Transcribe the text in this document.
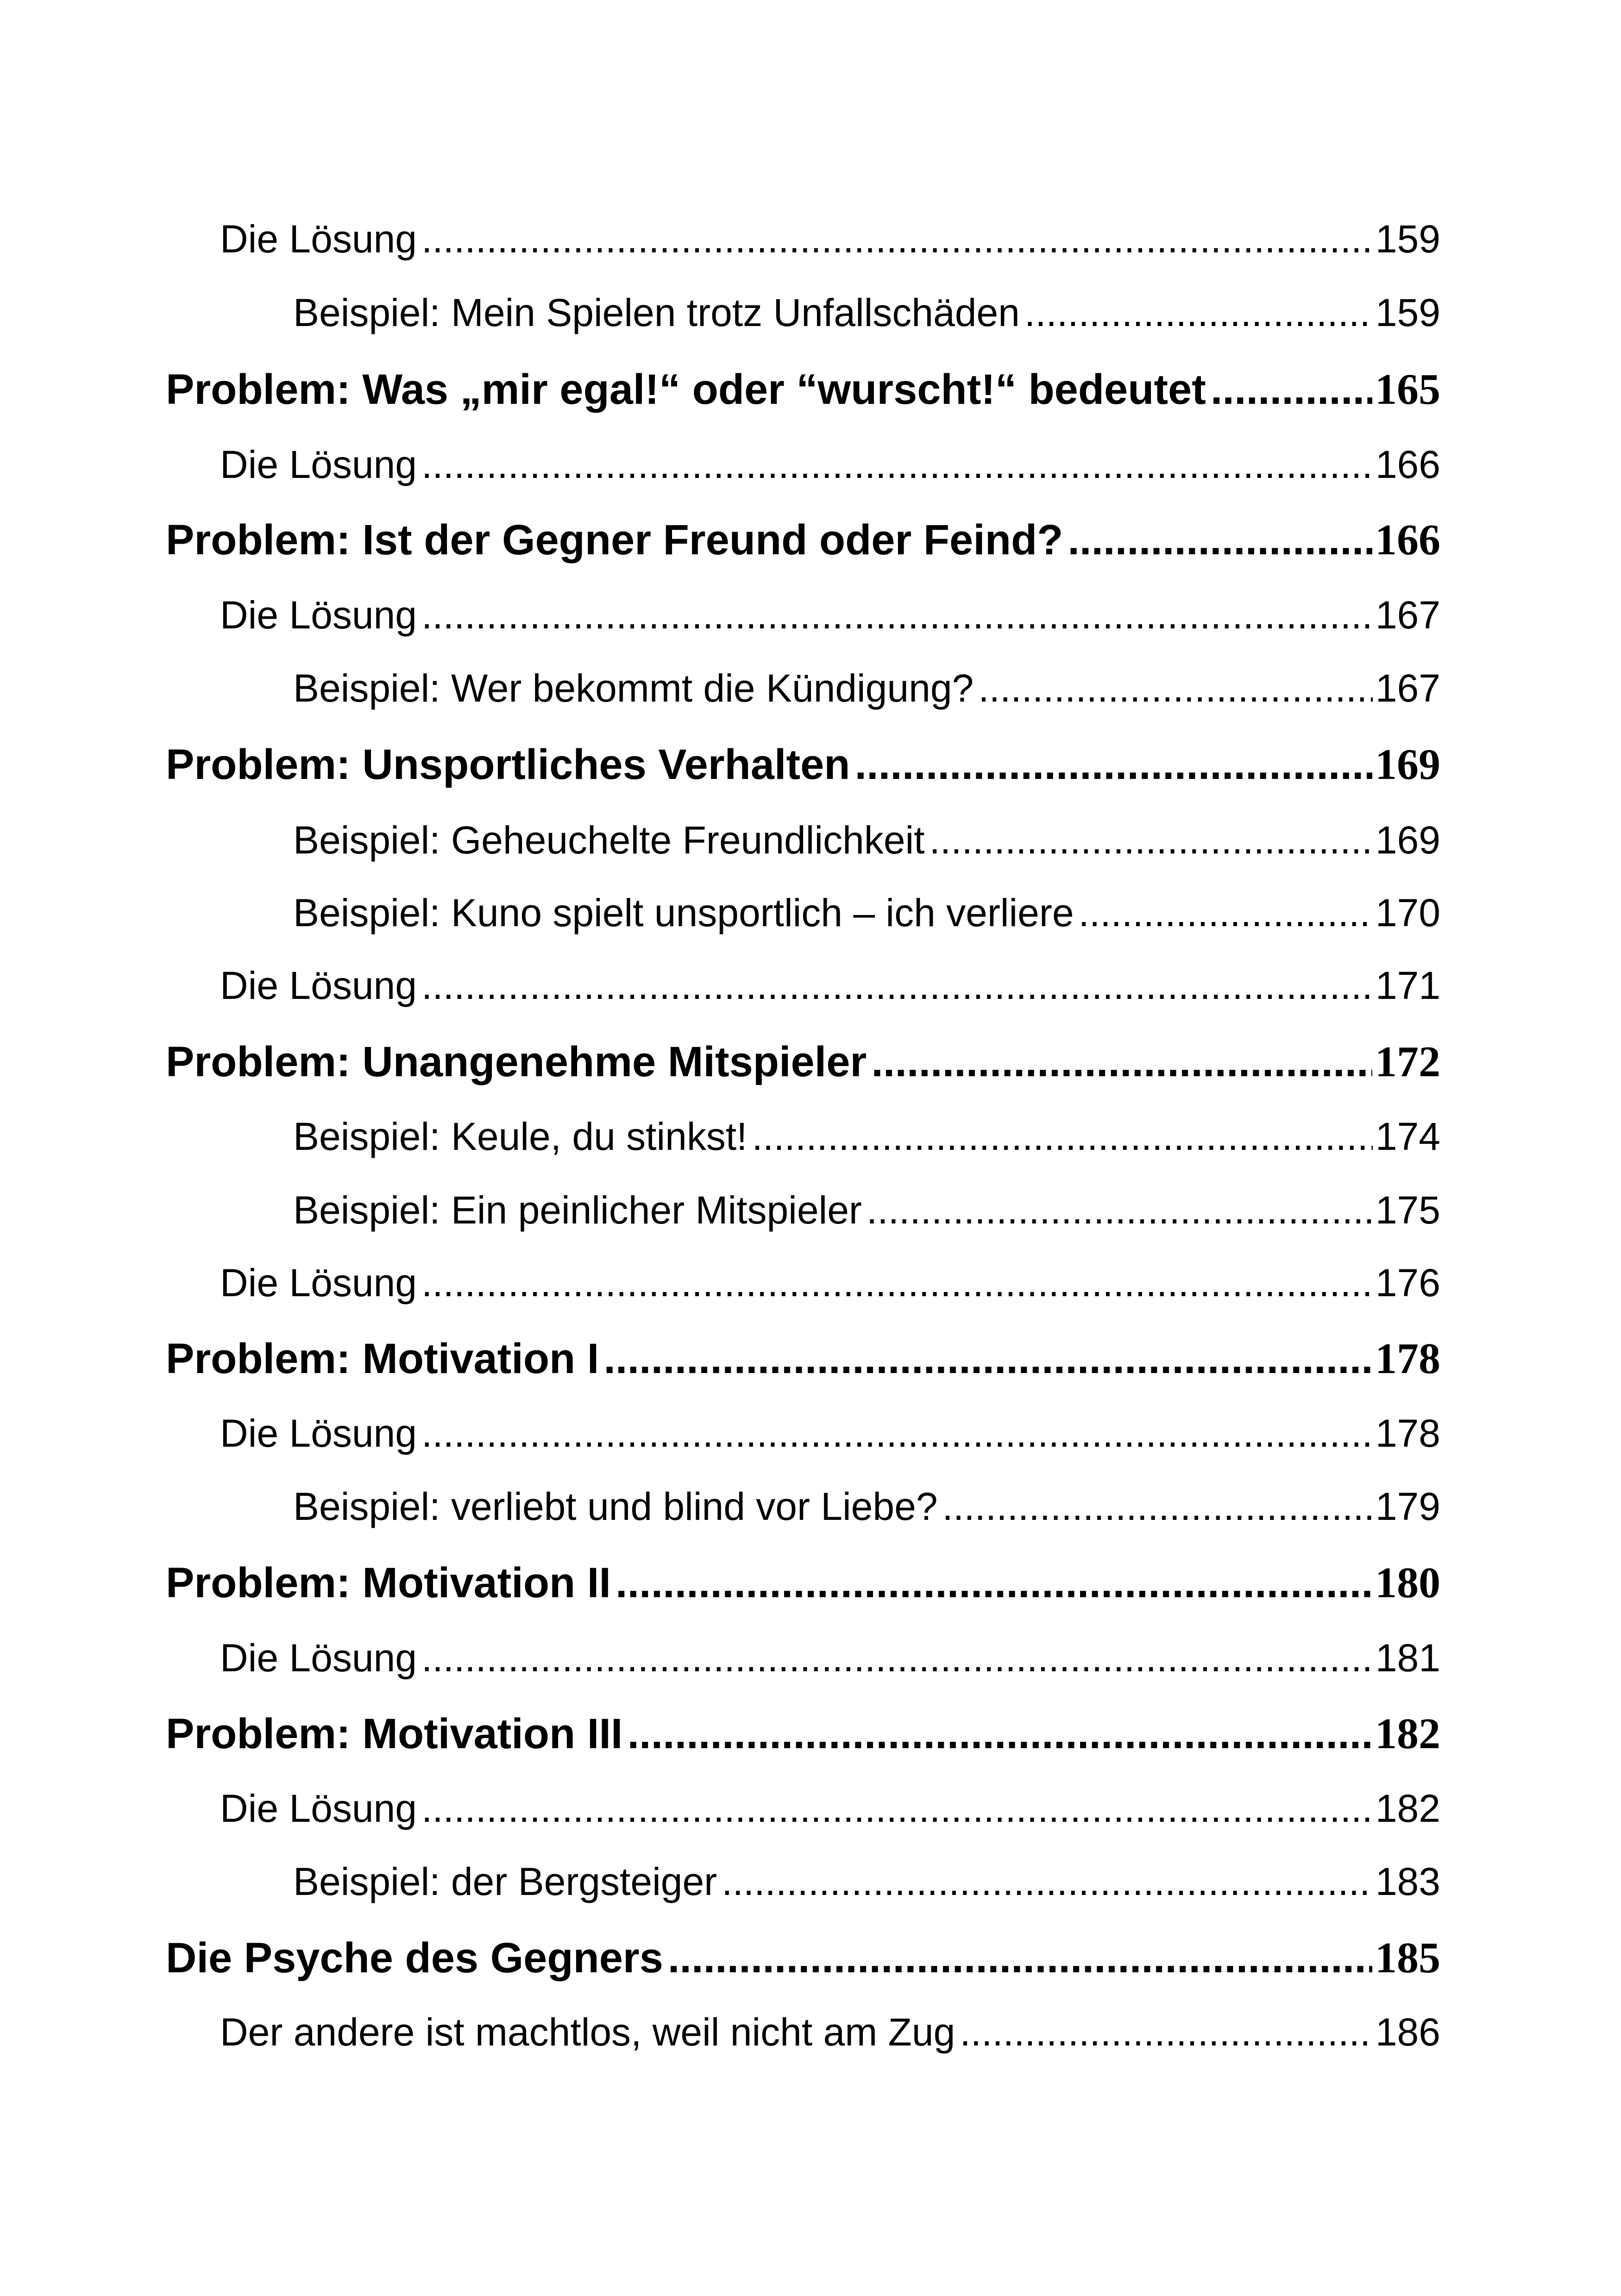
Die Lösung .....	159
Beispiel: Mein Spielen trotz Unfallschäden .....	159
Problem: Was „mir egal!“ oder “wurscht!“ bedeutet .....	165
Die Lösung .....	166
Problem: Ist der Gegner Freund oder Feind? .....	166
Die Lösung .....	167
Beispiel: Wer bekommt die Kündigung? .....	167
Problem: Unsportliches Verhalten .....	169
Beispiel: Geheuchelte Freundlichkeit .....	169
Beispiel: Kuno spielt unsportlich – ich verliere .....	170
Die Lösung .....	171
Problem: Unangenehme Mitspieler .....	172
Beispiel: Keule, du stinkst! .....	174
Beispiel: Ein peinlicher Mitspieler .....	175
Die Lösung .....	176
Problem: Motivation I .....	178
Die Lösung .....	178
Beispiel: verliebt und blind vor Liebe? .....	179
Problem: Motivation II .....	180
Die Lösung .....	181
Problem: Motivation III .....	182
Die Lösung .....	182
Beispiel: der Bergsteiger .....	183
Die Psyche des Gegners .....	185
Der andere ist machtlos, weil nicht am Zug .....	186
